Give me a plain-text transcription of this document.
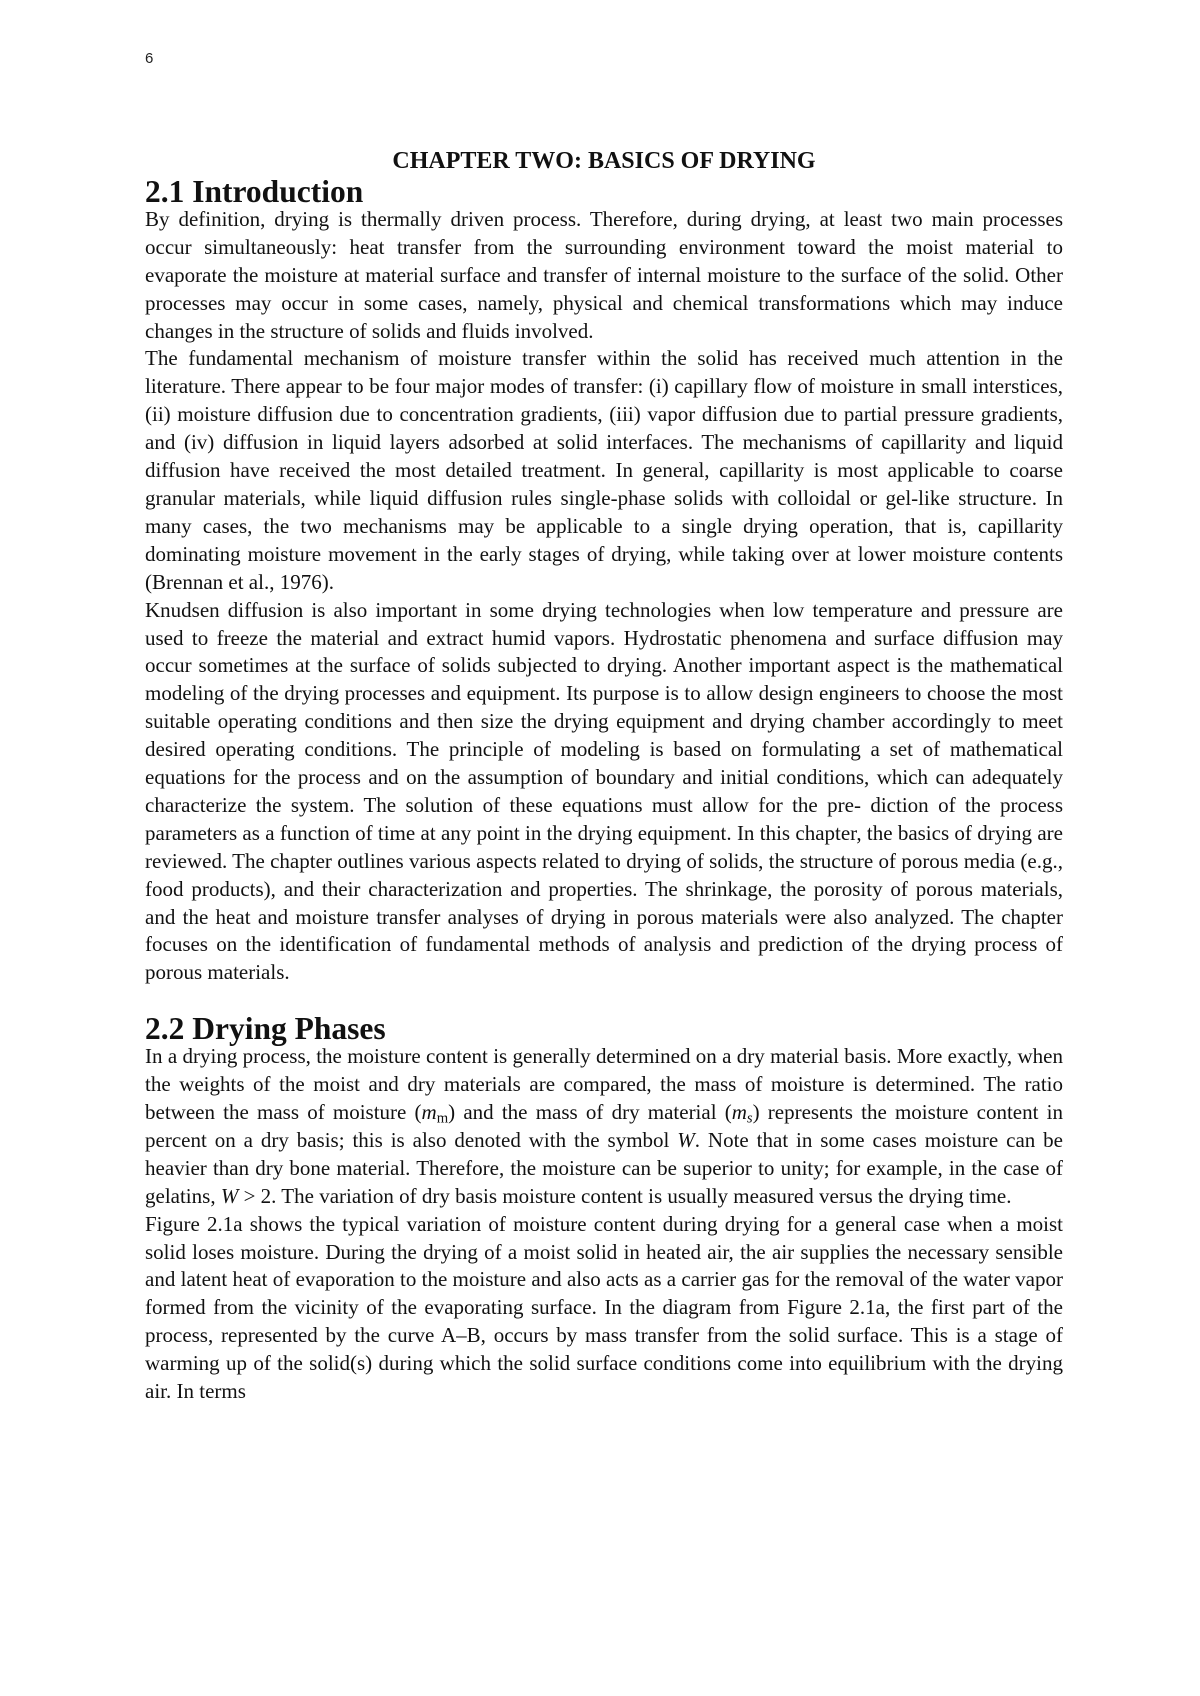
6
CHAPTER TWO: BASICS OF DRYING
2.1 Introduction

By definition, drying is thermally driven process. Therefore, during drying, at least two main processes occur simultaneously: heat transfer from the surrounding environment toward the moist material to evaporate the moisture at material surface and transfer of internal moisture to the surface of the solid. Other processes may occur in some cases, namely, physical and chemical transformations which may induce changes in the structure of solids and fluids involved.

The fundamental mechanism of moisture transfer within the solid has received much attention in the literature. There appear to be four major modes of transfer: (i) capillary flow of moisture in small interstices, (ii) moisture diffusion due to concentration gradients, (iii) vapor diffusion due to partial pressure gradients, and (iv) diffusion in liquid layers adsorbed at solid interfaces. The mechanisms of capillarity and liquid diffusion have received the most detailed treatment. In general, capillarity is most applicable to coarse granular materials, while liquid diffusion rules single-phase solids with colloidal or gel-like structure. In many cases, the two mechanisms may be applicable to a single drying operation, that is, capillarity dominating moisture movement in the early stages of drying, while taking over at lower moisture contents (Brennan et al., 1976).

Knudsen diffusion is also important in some drying technologies when low temperature and pressure are used to freeze the material and extract humid vapors. Hydrostatic phenomena and surface diffusion may occur sometimes at the surface of solids subjected to drying. Another important aspect is the mathematical modeling of the drying processes and equipment. Its purpose is to allow design engineers to choose the most suitable operating conditions and then size the drying equipment and drying chamber accordingly to meet desired operating conditions. The principle of modeling is based on formulating a set of mathematical equations for the process and on the assumption of boundary and initial conditions, which can adequately characterize the system. The solution of these equations must allow for the pre- diction of the process parameters as a function of time at any point in the drying equipment. In this chapter, the basics of drying are reviewed. The chapter outlines various aspects related to drying of solids, the structure of porous media (e.g., food products), and their characterization and properties. The shrinkage, the porosity of porous materials, and the heat and moisture transfer analyses of drying in porous materials were also analyzed. The chapter focuses on the identification of fundamental methods of analysis and prediction of the drying process of porous materials.

2.2 Drying Phases

In a drying process, the moisture content is generally determined on a dry material basis. More exactly, when the weights of the moist and dry materials are compared, the mass of moisture is determined. The ratio between the mass of moisture $(m_m)$ and the mass of dry material $(m_s)$ represents the moisture content in percent on a dry basis; this is also denoted with the symbol W. Note that in some cases moisture can be heavier than dry bone material. Therefore, the moisture can be superior to unity; for example, in the case of gelatins, W > 2. The variation of dry basis moisture content is usually measured versus the drying time.

Figure 2.1a shows the typical variation of moisture content during drying for a general case when a moist solid loses moisture. During the drying of a moist solid in heated air, the air supplies the necessary sensible and latent heat of evaporation to the moisture and also acts as a carrier gas for the removal of the water vapor formed from the vicinity of the evaporating surface. In the diagram from Figure 2.1a, the first part of the process, represented by the curve A–B, occurs by mass transfer from the solid surface. This is a stage of warming up of the solid(s) during which the solid surface conditions come into equilibrium with the drying air. In terms
